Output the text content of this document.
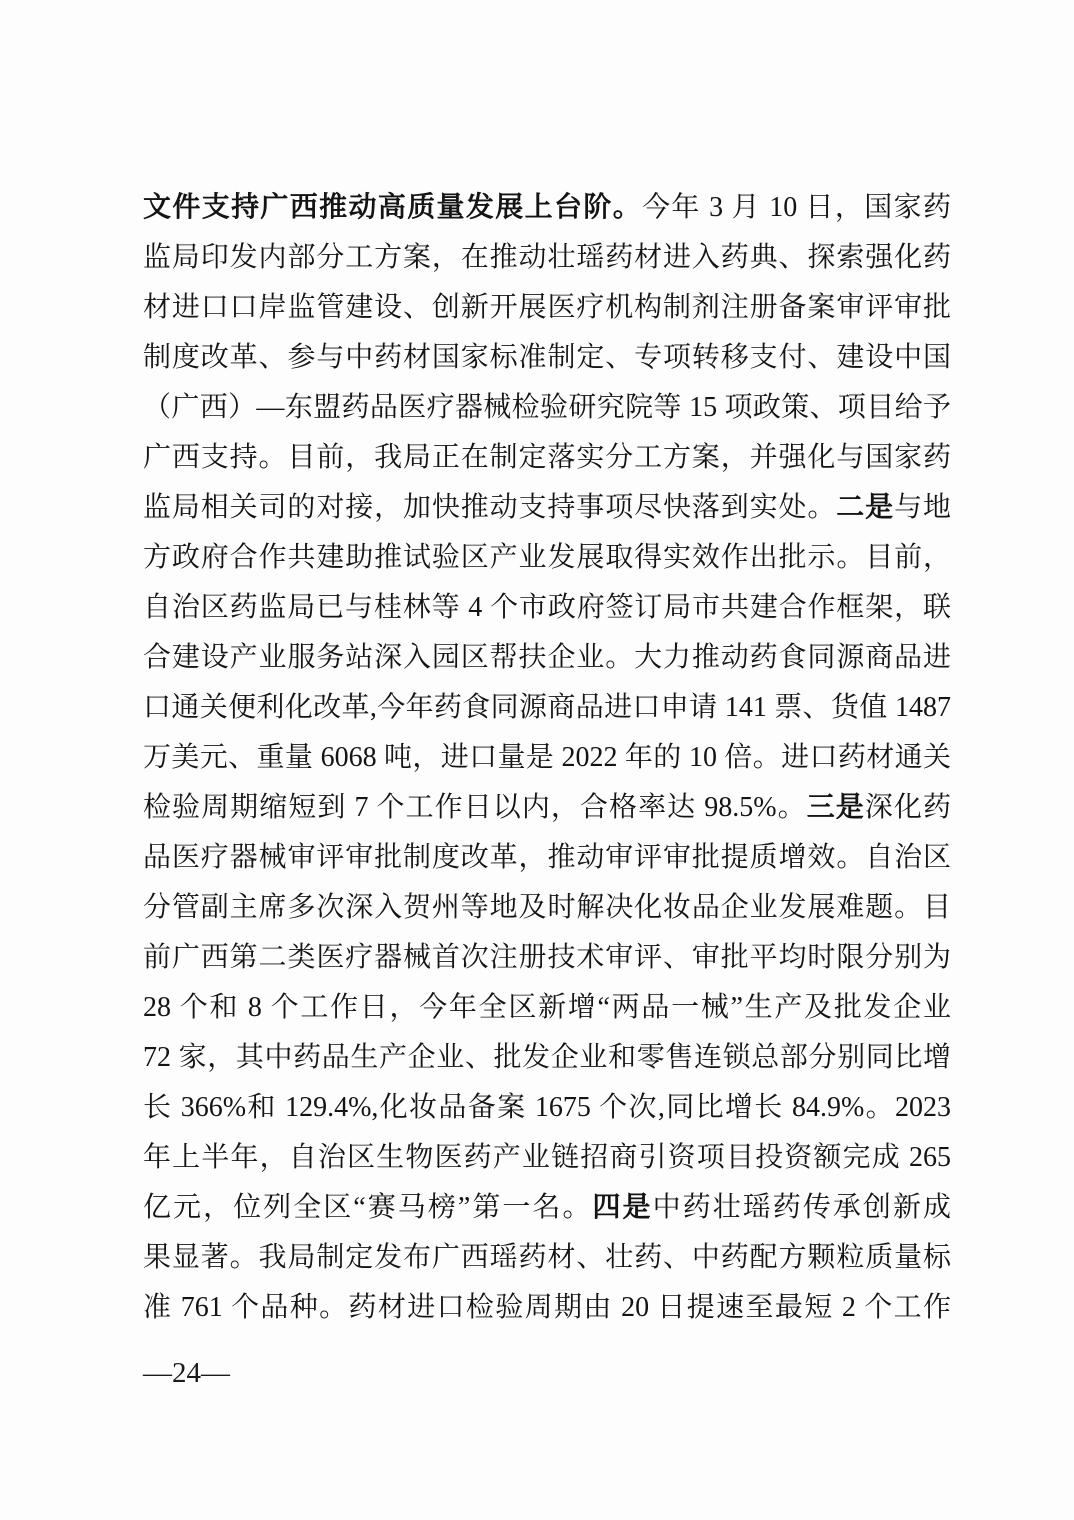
文件支持广西推动高质量发展上台阶。今年 3 月 10 日，国家药
监局印发内部分工方案，在推动壮瑶药材进入药典、探索强化药
材进口口岸监管建设、创新开展医疗机构制剂注册备案审评审批
制度改革、参与中药材国家标准制定、专项转移支付、建设中国
（广西）—东盟药品医疗器械检验研究院等 15 项政策、项目给予
广西支持。目前，我局正在制定落实分工方案，并强化与国家药
监局相关司的对接，加快推动支持事项尽快落到实处。二是与地
方政府合作共建助推试验区产业发展取得实效作出批示。目前，
自治区药监局已与桂林等 4 个市政府签订局市共建合作框架，联
合建设产业服务站深入园区帮扶企业。大力推动药食同源商品进
口通关便利化改革,今年药食同源商品进口申请 141 票、货值 1487
万美元、重量 6068 吨，进口量是 2022 年的 10 倍。进口药材通关
检验周期缩短到 7 个工作日以内，合格率达 98.5%。三是深化药
品医疗器械审评审批制度改革，推动审评审批提质增效。自治区
分管副主席多次深入贺州等地及时解决化妆品企业发展难题。目
前广西第二类医疗器械首次注册技术审评、审批平均时限分别为
28 个和 8 个工作日，今年全区新增“两品一械”生产及批发企业
72 家，其中药品生产企业、批发企业和零售连锁总部分别同比增
长 366%和 129.4%,化妆品备案 1675 个次,同比增长 84.9%。2023
年上半年，自治区生物医药产业链招商引资项目投资额完成 265
亿元，位列全区“赛马榜”第一名。四是中药壮瑶药传承创新成
果显著。我局制定发布广西瑶药材、壮药、中药配方颗粒质量标
准 761 个品种。药材进口检验周期由 20 日提速至最短 2 个工作
—24—
